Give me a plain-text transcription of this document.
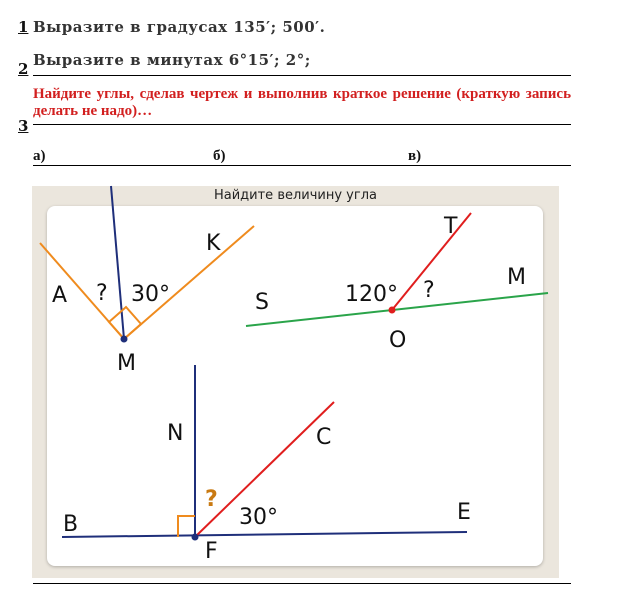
1 Выразите в градусах 135′; 500′.
2 Выразите в минутах 6°15′; 2°;
3
Найдите углы, сделав чертеж и выполнив краткое решение (краткую запись делать не надо)…
а)	б)	в)
Найдите величину угла
A ? 30°
K
M
S	120° ?
T
M
O
N	C
?
30°
B	E
F
